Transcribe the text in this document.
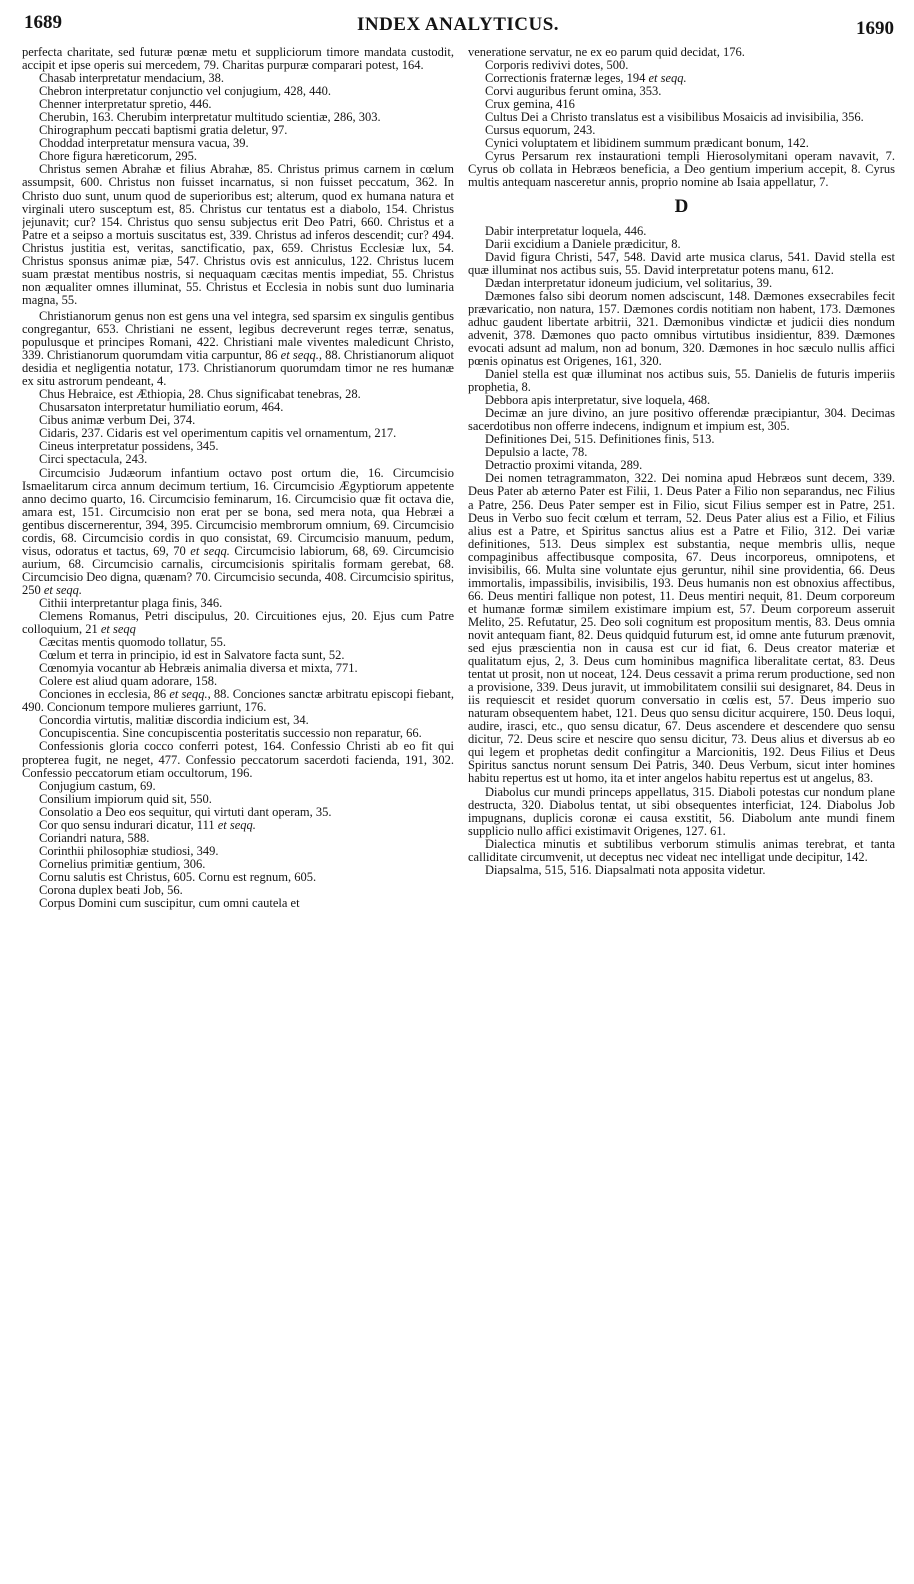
1689	INDEX ANALYTICUS.	1690

perfecta charitate, sed futuræ pœnæ metu et suppliciorum timore mandata custodit, accipit et ipse operis sui mercedem, 79. Charitas purpuræ comparari potest, 164.

Chasab interpretatur mendacium, 38.

Chebron interpretatur conjunctio vel conjugium, 428, 440.

Chenner interpretatur spretio, 446.

Cherubin, 163. Cherubim interpretatur multitudo scientiæ, 286, 303.

Chirographum peccati baptismi gratia deletur, 97.

Choddad interpretatur mensura vacua, 39.

Chore figura hæreticorum, 295.

Christus semen Abrahæ et filius Abrahæ, 85. Christus primus carnem in cœlum assumpsit, 600. Christus non fuisset incarnatus, si non fuisset peccatum, 362. In Christo duo sunt, unum quod de superioribus est; alterum, quod ex humana natura et virginali utero susceptum est, 85. Christus cur tentatus est a diabolo, 154. Christus jejunavit; cur? 154. Christus quo sensu subjectus erit Deo Patri, 660. Christus et a Patre et a seipso a mortuis suscitatus est, 339. Christus ad inferos descendit; cur? 494. Christus justitia est, veritas, sanctificatio, pax, 659. Christus Ecclesiæ lux, 54. Christus sponsus animæ piæ, 547. Christus ovis est anniculus, 122. Christus lucem suam præstat mentibus nostris, si nequaquam cæcitas mentis impediat, 55. Christus non æqualiter omnes illuminat, 55. Christus et Ecclesia in nobis sunt duo luminaria magna, 55.

Christianorum genus non est gens una vel integra, sed sparsim ex singulis gentibus congregantur, 653. Christiani ne essent, legibus decreverunt reges terræ, senatus, populusque et principes Romani, 422. Christiani male viventes maledicunt Christo, 339. Christianorum quorumdam vitia carpuntur, 86 et seqq., 88. Christianorum aliquot desidia et negligentia notatur, 173. Christianorum quorumdam timor ne res humanæ ex situ astrorum pendeant, 4.

Chus Hebraice, est Æthiopia, 28. Chus significabat tenebras, 28.

Chusarsaton interpretatur humiliatio eorum, 464.

Cibus animæ verbum Dei, 374.

Cidaris, 237. Cidaris est vel operimentum capitis vel ornamentum, 217.

Cineus interpretatur possidens, 345.

Circi spectacula, 243.

Circumcisio Judæorum infantium octavo post ortum die, 16. Circumcisio Ismaelitarum circa annum decimum tertium, 16. Circumcisio Ægyptiorum appetente anno decimo quarto, 16. Circumcisio feminarum, 16. Circumcisio quæ fit octava die, amara est, 151. Circumcisio non erat per se bona, sed mera nota, qua Hebræi a gentibus discernerentur, 394, 395. Circumcisio membrorum omnium, 69. Circumcisio cordis, 68. Circumcisio cordis in quo consistat, 69. Circumcisio manuum, pedum, visus, odoratus et tactus, 69, 70 et seqq. Circumcisio labiorum, 68, 69. Circumcisio aurium, 68. Circumcisio carnalis, circumcisionis spiritalis formam gerebat, 68. Circumcisio Deo digna, quænam? 70. Circumcisio secunda, 408. Circumcisio spiritus, 250 et seqq.

Cithii interpretantur plaga finis, 346.

Clemens Romanus, Petri discipulus, 20. Circuitiones ejus, 20. Ejus cum Patre colloquium, 21 et seqq

Cæcitas mentis quomodo tollatur, 55.

Cœlum et terra in principio, id est in Salvatore facta sunt, 52.

Cœnomyia vocantur ab Hebræis animalia diversa et mixta, 771.

Colere est aliud quam adorare, 158.

Conciones in ecclesia, 86 et seqq., 88. Conciones sanctæ arbitratu episcopi fiebant, 490. Concionum tempore mulieres garriunt, 176.

Concordia virtutis, malitiæ discordia indicium est, 34.

Concupiscentia. Sine concupiscentia posteritatis successio non reparatur, 66.

Confessionis gloria cocco conferri potest, 164. Confessio Christi ab eo fit qui propterea fugit, ne neget, 477. Confessio peccatorum sacerdoti facienda, 191, 302. Confessio peccatorum etiam occultorum, 196.

Conjugium castum, 69.

Consilium impiorum quid sit, 550.

Consolatio a Deo eos sequitur, qui virtuti dant operam, 35.

Cor quo sensu indurari dicatur, 111 et seqq.

Coriandri natura, 588.

Corinthii philosophiæ studiosi, 349.

Cornelius primitiæ gentium, 306.

Cornu salutis est Christus, 605. Cornu est regnum, 605.

Corona duplex beati Job, 56.

Corpus Domini cum suscipitur, cum omni cautela et

veneratione servatur, ne ex eo parum quid decidat, 176.

Corporis redivivi dotes, 500.

Correctionis fraternæ leges, 194 et seqq.

Corvi auguribus ferunt omina, 353.

Crux gemina, 416

Cultus Dei a Christo translatus est a visibilibus Mosaicis ad invisibilia, 356.

Cursus equorum, 243.

Cynici voluptatem et libidinem summum prædicant bonum, 142.

Cyrus Persarum rex instaurationi templi Hierosolymitani operam navavit, 7. Cyrus ob collata in Hebræos beneficia, a Deo gentium imperium accepit, 8. Cyrus multis antequam nasceretur annis, proprio nomine ab Isaia appellatur, 7.

D

Dabir interpretatur loquela, 446.

Darii excidium a Daniele prædicitur, 8.

David figura Christi, 547, 548. David arte musica clarus, 541. David stella est quæ illuminat nos actibus suis, 55. David interpretatur potens manu, 612.

Dædan interpretatur idoneum judicium, vel solitarius, 39.

Dæmones falso sibi deorum nomen adsciscunt, 148. Dæmones exsecrabiles fecit prævaricatio, non natura, 157. Dæmones cordis notitiam non habent, 173. Dæmones adhuc gaudent libertate arbitrii, 321. Dæmonibus vindictæ et judicii dies nondum advenit, 378. Dæmones quo pacto omnibus virtutibus insidientur, 839. Dæmones evocati adsunt ad malum, non ad bonum, 320. Dæmones in hoc sæculo nullis affici pœnis opinatus est Origenes, 161, 320.

Daniel stella est quæ illuminat nos actibus suis, 55. Danielis de futuris imperiis prophetia, 8.

Debbora apis interpretatur, sive loquela, 468.

Decimæ an jure divino, an jure positivo offerendæ præcipiantur, 304. Decimas sacerdotibus non offerre indecens, indignum et impium est, 305.

Definitiones Dei, 515. Definitiones finis, 513.

Depulsio a lacte, 78.

Detractio proximi vitanda, 289.

Dei nomen tetragrammaton, 322. Dei nomina apud Hebræos sunt decem, 339. Deus Pater ab æterno Pater est Filii, 1. Deus Pater a Filio non separandus, nec Filius a Patre, 256. Deus Pater semper est in Filio, sicut Filius semper est in Patre, 251. Deus in Verbo suo fecit cœlum et terram, 52. Deus Pater alius est a Filio, et Filius alius est a Patre, et Spiritus sanctus alius est a Patre et Filio, 312. Dei variæ definitiones, 513. Deus simplex est substantia, neque membris ullis, neque compaginibus affectibusque composita, 67. Deus incorporeus, omnipotens, et invisibilis, 66. Multa sine voluntate ejus geruntur, nihil sine providentia, 66. Deus immortalis, impassibilis, invisibilis, 193. Deus humanis non est obnoxius affectibus, 66. Deus mentiri fallique non potest, 11. Deus mentiri nequit, 81. Deum corporeum et humanæ formæ similem existimare impium est, 57. Deum corporeum asseruit Melito, 25. Refutatur, 25. Deo soli cognitum est propositum mentis, 83. Deus omnia novit antequam fiant, 82. Deus quidquid futurum est, id omne ante futurum prænovit, sed ejus præscientia non in causa est cur id fiat, 6. Deus creator materiæ et qualitatum ejus, 2, 3. Deus cum hominibus magnifica liberalitate certat, 83. Deus tentat ut prosit, non ut noceat, 124. Deus cessavit a prima rerum productione, sed non a provisione, 339. Deus juravit, ut immobilitatem consilii sui designaret, 84. Deus in iis requiescit et residet quorum conversatio in cœlis est, 57. Deus imperio suo naturam obsequentem habet, 121. Deus quo sensu dicitur acquirere, 150. Deus loqui, audire, irasci, etc., quo sensu dicatur, 67. Deus ascendere et descendere quo sensu dicitur, 72. Deus scire et nescire quo sensu dicitur, 73. Deus alius et diversus ab eo qui legem et prophetas dedit confingitur a Marcionitis, 192. Deus Filius et Deus Spiritus sanctus norunt sensum Dei Patris, 340. Deus Verbum, sicut inter homines habitu repertus est ut homo, ita et inter angelos habitu repertus est ut angelus, 83.

Diabolus cur mundi princeps appellatus, 315. Diaboli potestas cur nondum plane destructa, 320. Diabolus tentat, ut sibi obsequentes interficiat, 124. Diabolus Job impugnans, duplicis coronæ ei causa exstitit, 56. Diabolum ante mundi finem supplicio nullo affici existimavit Origenes, 127. 61.

Dialectica minutis et subtilibus verborum stimulis animas terebrat, et tanta calliditate circumvenit, ut deceptus nec videat nec intelligat unde decipitur, 142.

Diapsalma, 515, 516. Diapsalmati nota apposita videtur.
